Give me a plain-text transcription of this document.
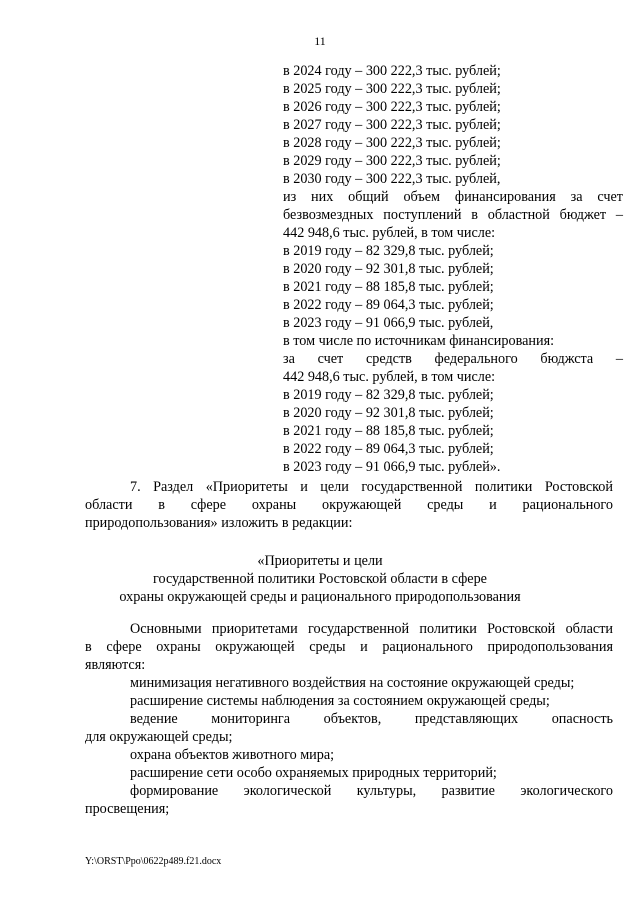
11
в 2024 году – 300 222,3 тыс. рублей;
в 2025 году – 300 222,3 тыс. рублей;
в 2026 году – 300 222,3 тыс. рублей;
в 2027 году – 300 222,3 тыс. рублей;
в 2028 году – 300 222,3 тыс. рублей;
в 2029 году – 300 222,3 тыс. рублей;
в 2030 году – 300 222,3 тыс. рублей,
из них общий объем финансирования за счет
безвозмездных поступлений в областной бюджет –
442 948,6 тыс. рублей, в том числе:
в 2019 году – 82 329,8 тыс. рублей;
в 2020 году – 92 301,8 тыс. рублей;
в 2021 году – 88 185,8 тыс. рублей;
в 2022 году – 89 064,3 тыс. рублей;
в 2023 году – 91 066,9 тыс. рублей,
в том числе по источникам финансирования:
за счет средств федерального бюджста –
442 948,6 тыс. рублей, в том числе:
в 2019 году – 82 329,8 тыс. рублей;
в 2020 году – 92 301,8 тыс. рублей;
в 2021 году – 88 185,8 тыс. рублей;
в 2022 году – 89 064,3 тыс. рублей;
в 2023 году – 91 066,9 тыс. рублей».
7. Раздел «Приоритеты и цели государственной политики Ростовской
области в сфере охраны окружающей среды и рационального
природопользования» изложить в редакции:
«Приоритеты и цели
государственной политики Ростовской области в сфере
охраны окружающей среды и рационального природопользования
Основными приоритетами государственной политики Ростовской области
в сфере охраны окружающей среды и рационального природопользования
являются:
минимизация негативного воздействия на состояние окружающей среды;
расширение системы наблюдения за состоянием окружающей среды;
ведение мониторинга объектов, представляющих опасность
для окружающей среды;
охрана объектов животного мира;
расширение сети особо охраняемых природных территорий;
формирование экологической культуры, развитие экологического
просвещения;
Y:\ORST\Ppo\0622p489.f21.docx
